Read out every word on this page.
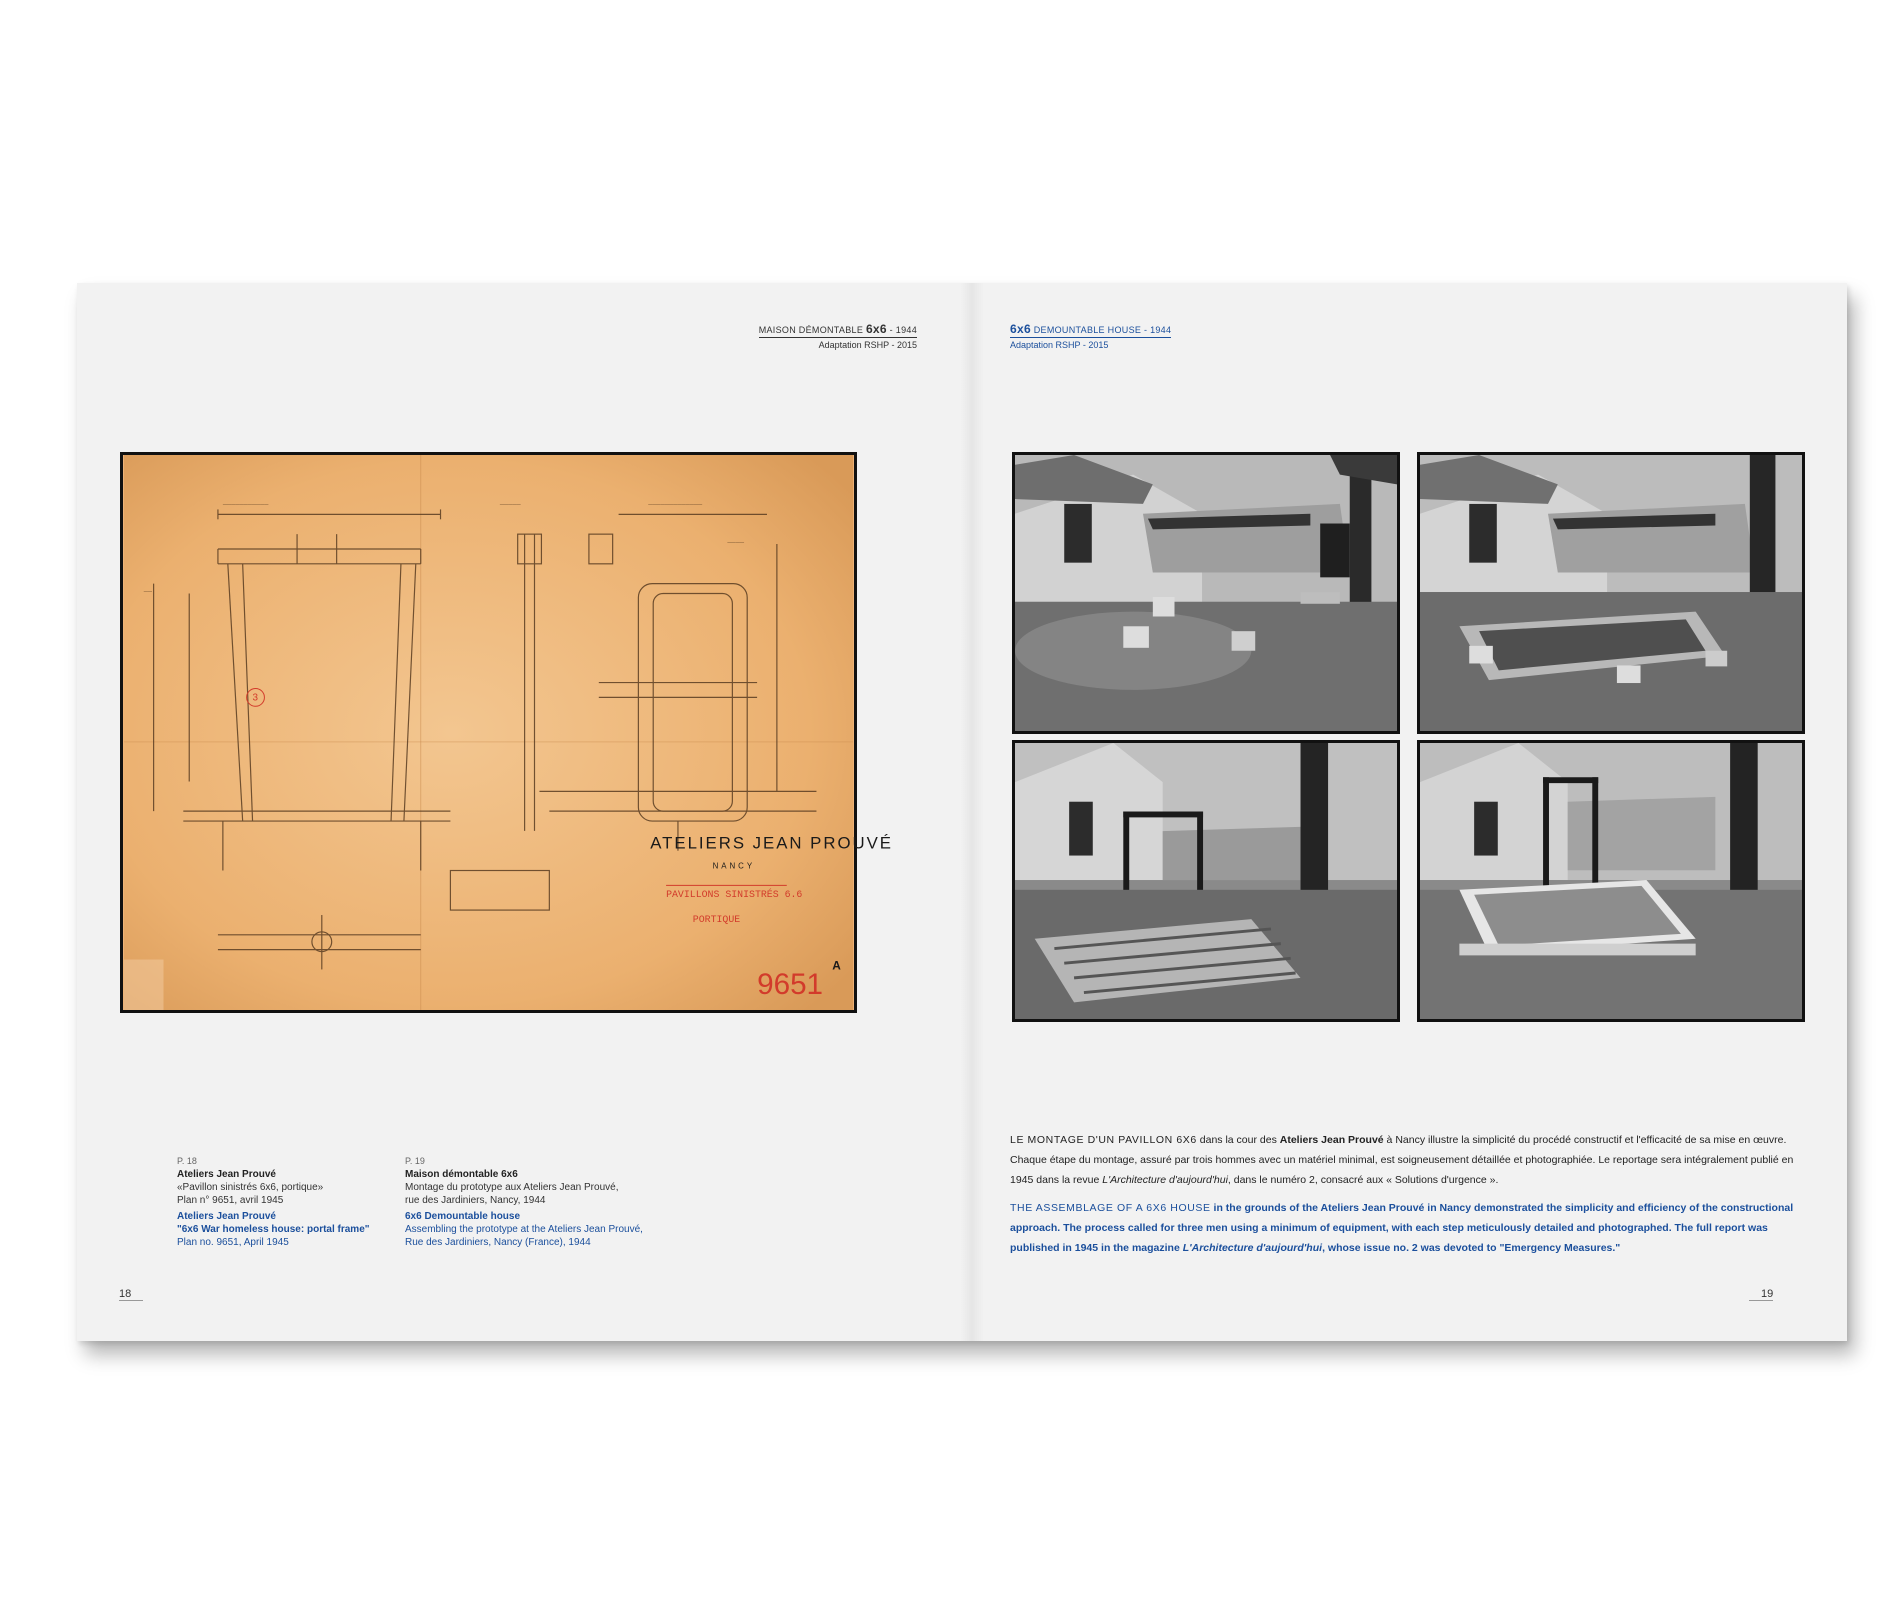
MAISON DÉMONTABLE 6x6 - 1944
Adaptation RSHP - 2015
6x6 DEMOUNTABLE HOUSE - 1944
Adaptation RSHP - 2015
———————————	—————	—————————————
——
————
3
ATELIERS JEAN PROUVÉ
NANCY
PAVILLONS SINISTRÉS 6.6
PORTIQUE
9651
A
P. 18
Ateliers Jean Prouvé
«Pavillon sinistrés 6x6, portique»
Plan n° 9651, avril 1945
Ateliers Jean Prouvé
"6x6 War homeless house: portal frame"
Plan no. 9651, April 1945
P. 19
Maison démontable 6x6
Montage du prototype aux Ateliers Jean Prouvé,
rue des Jardiniers, Nancy, 1944
6x6 Demountable house
Assembling the prototype at the Ateliers Jean Prouvé,
Rue des Jardiniers, Nancy (France), 1944

LE MONTAGE D'UN PAVILLON 6X6 dans la cour des Ateliers Jean Prouvé à Nancy illustre la simplicité du procédé constructif et l'efficacité de sa mise en œuvre. Chaque étape du montage, assuré par trois hommes avec un matériel minimal, est soigneusement détaillée et photographiée. Le reportage sera intégralement publié en 1945 dans la revue L'Architecture d'aujourd'hui, dans le numéro 2, consacré aux « Solutions d'urgence ».

THE ASSEMBLAGE OF A 6X6 HOUSE in the grounds of the Ateliers Jean Prouvé in Nancy demonstrated the simplicity and efficiency of the constructional approach. The process called for three men using a minimum of equipment, with each step meticulously detailed and photographed. The full report was published in 1945 in the magazine L'Architecture d'aujourd'hui, whose issue no. 2 was devoted to "Emergency Measures."

18	19
